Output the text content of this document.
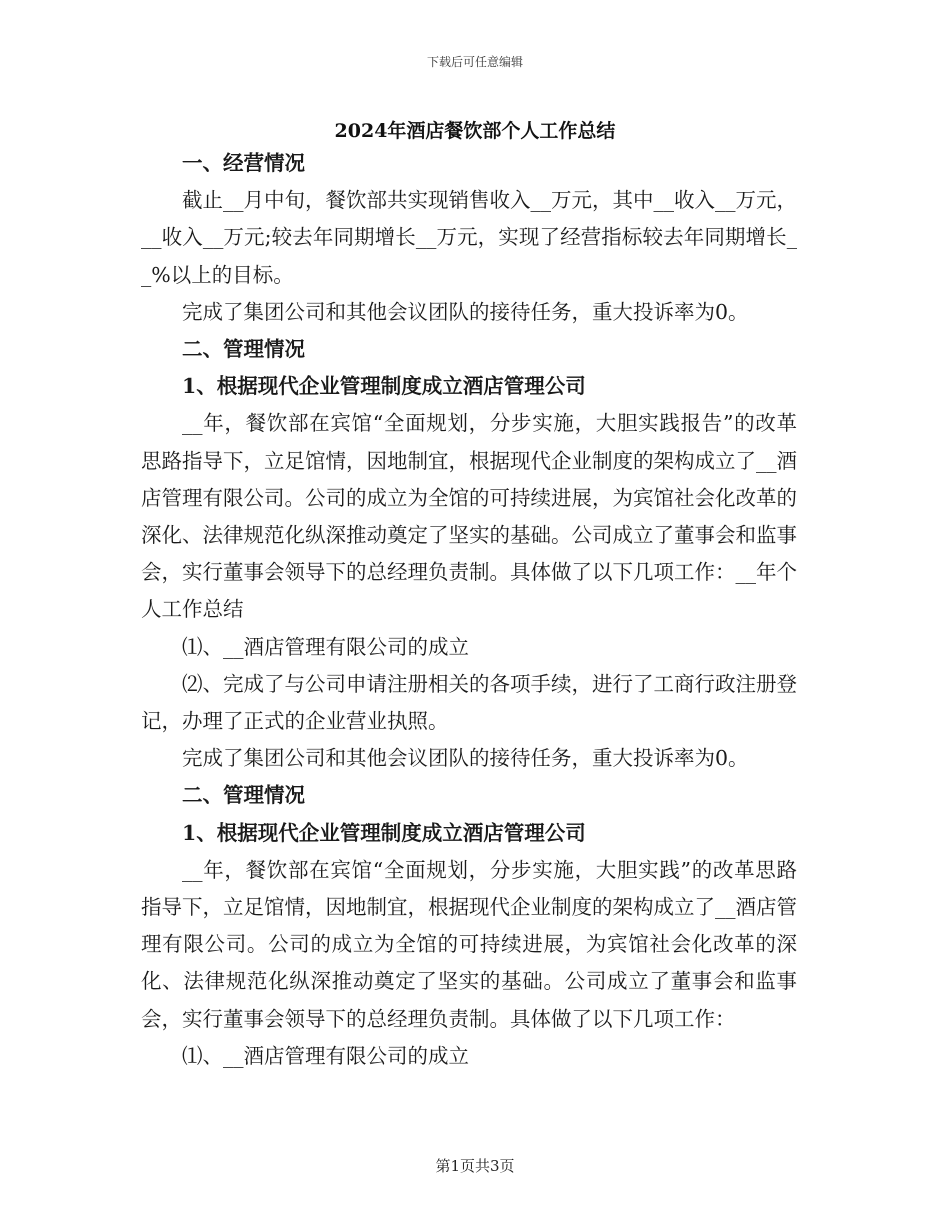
下载后可任意编辑
2024年酒店餐饮部个人工作总结

一、经营情况

截止__月中旬，餐饮部共实现销售收入__万元，其中__收入__万元，__收入__万元;较去年同期增长__万元，实现了经营指标较去年同期增长__%以上的目标。

完成了集团公司和其他会议团队的接待任务，重大投诉率为0。

二、管理情况

1、根据现代企业管理制度成立酒店管理公司

__年，餐饮部在宾馆“全面规划，分步实施，大胆实践报告”的改革思路指导下，立足馆情，因地制宜，根据现代企业制度的架构成立了__酒店管理有限公司。公司的成立为全馆的可持续进展，为宾馆社会化改革的深化、法律规范化纵深推动奠定了坚实的基础。公司成立了董事会和监事会，实行董事会领导下的总经理负责制。具体做了以下几项工作：__年个人工作总结

⑴、__酒店管理有限公司的成立

⑵、完成了与公司申请注册相关的各项手续，进行了工商行政注册登记，办理了正式的企业营业执照。

完成了集团公司和其他会议团队的接待任务，重大投诉率为0。

二、管理情况

1、根据现代企业管理制度成立酒店管理公司

__年，餐饮部在宾馆“全面规划，分步实施，大胆实践”的改革思路指导下，立足馆情，因地制宜，根据现代企业制度的架构成立了__酒店管理有限公司。公司的成立为全馆的可持续进展，为宾馆社会化改革的深化、法律规范化纵深推动奠定了坚实的基础。公司成立了董事会和监事会，实行董事会领导下的总经理负责制。具体做了以下几项工作：

⑴、__酒店管理有限公司的成立

第1页共3页
